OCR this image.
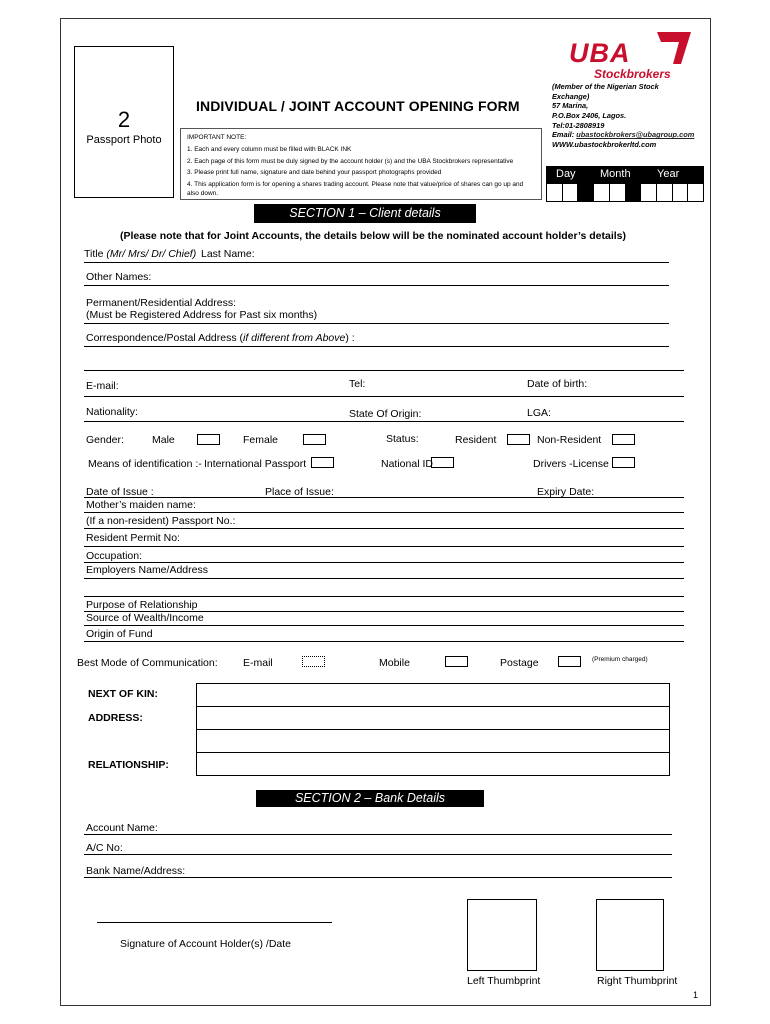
2
Passport Photo
INDIVIDUAL / JOINT ACCOUNT OPENING FORM
IMPORTANT NOTE:
1. Each and every column must be filled with BLACK INK
2. Each page of this form must be duly signed by the account holder (s) and the UBA Stockbrokers representative
3. Please print full name, signature and date behind your passport photographs provided
4. This application form is for opening a shares trading account. Please note that value/price of shares can go up and also down.
UBA
Stockbrokers
(Member of the Nigerian Stock
Exchange)
57 Marina,
P.O.Box 2406, Lagos.
Tel:01-2808919
Email: ubastockbrokers@ubagroup.com
WWW.ubastockbrokerltd.com
Day Month Year
SECTION 1 – Client details
(Please note that for Joint Accounts, the details below will be the nominated account holder’s details)
Title (Mr/ Mrs/ Dr/ Chief) Last Name:
Other Names:
Permanent/Residential Address:
(Must be Registered Address for Past six months)
Correspondence/Postal Address (if different from Above) :
E-mail:	Tel:	Date of birth:
Nationality:	State Of Origin:	LGA:
Gender:	Male	Female	Status:	Resident	Non-Resident
Means of identification :- International Passport	National ID	Drivers -License
Date of Issue :	Place of Issue:	Expiry Date:
Mother’s maiden name:
(If a non-resident) Passport No.:
Resident Permit No:
Occupation:
Employers Name/Address
Purpose of Relationship
Source of Wealth/Income
Origin of Fund
Best Mode of Communication: E-mail	Mobile	Postage	(Premium charged)
NEXT OF KIN:
ADDRESS:
RELATIONSHIP:
SECTION 2 – Bank Details
Account Name:
A/C No:
Bank Name/Address:
Signature of Account Holder(s) /Date
Left Thumbprint	Right Thumbprint
1
